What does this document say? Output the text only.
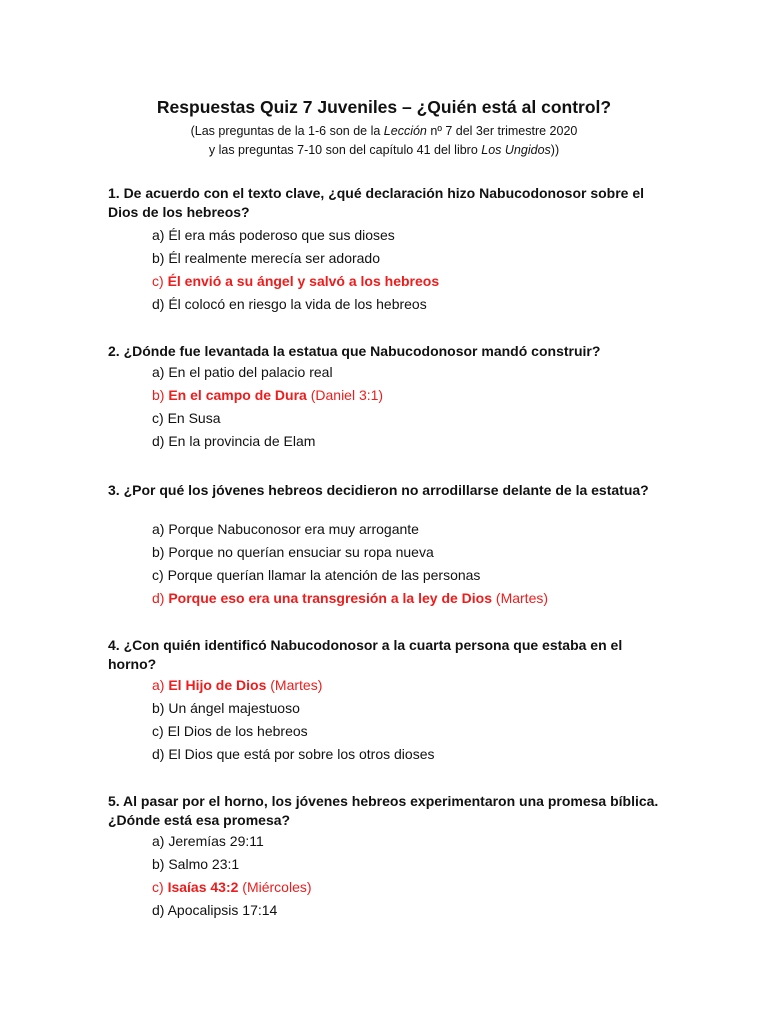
Respuestas Quiz 7 Juveniles – ¿Quién está al control?
(Las preguntas de la 1-6 son de la Lección nº 7 del 3er trimestre 2020
y las preguntas 7-10 son del capítulo 41 del libro Los Ungidos))
1. De acuerdo con el texto clave, ¿qué declaración hizo Nabucodonosor sobre el Dios de los hebreos?
a) Él era más poderoso que sus dioses
b) Él realmente merecía ser adorado
c) Él envió a su ángel y salvó a los hebreos
d) Él colocó en riesgo la vida de los hebreos
2. ¿Dónde fue levantada la estatua que Nabucodonosor mandó construir?
a) En el patio del palacio real
b) En el campo de Dura (Daniel 3:1)
c) En Susa
d) En la provincia de Elam
3. ¿Por qué los jóvenes hebreos decidieron no arrodillarse delante de la estatua?
a) Porque Nabuconosor era muy arrogante
b) Porque no querían ensuciar su ropa nueva
c) Porque querían llamar la atención de las personas
d) Porque eso era una transgresión a la ley de Dios (Martes)
4. ¿Con quién identificó Nabucodonosor a la cuarta persona que estaba en el horno?
a) El Hijo de Dios (Martes)
b) Un ángel majestuoso
c) El Dios de los hebreos
d) El Dios que está por sobre los otros dioses
5. Al pasar por el horno, los jóvenes hebreos experimentaron una promesa bíblica. ¿Dónde está esa promesa?
a) Jeremías 29:11
b) Salmo 23:1
c) Isaías 43:2 (Miércoles)
d) Apocalipsis 17:14
